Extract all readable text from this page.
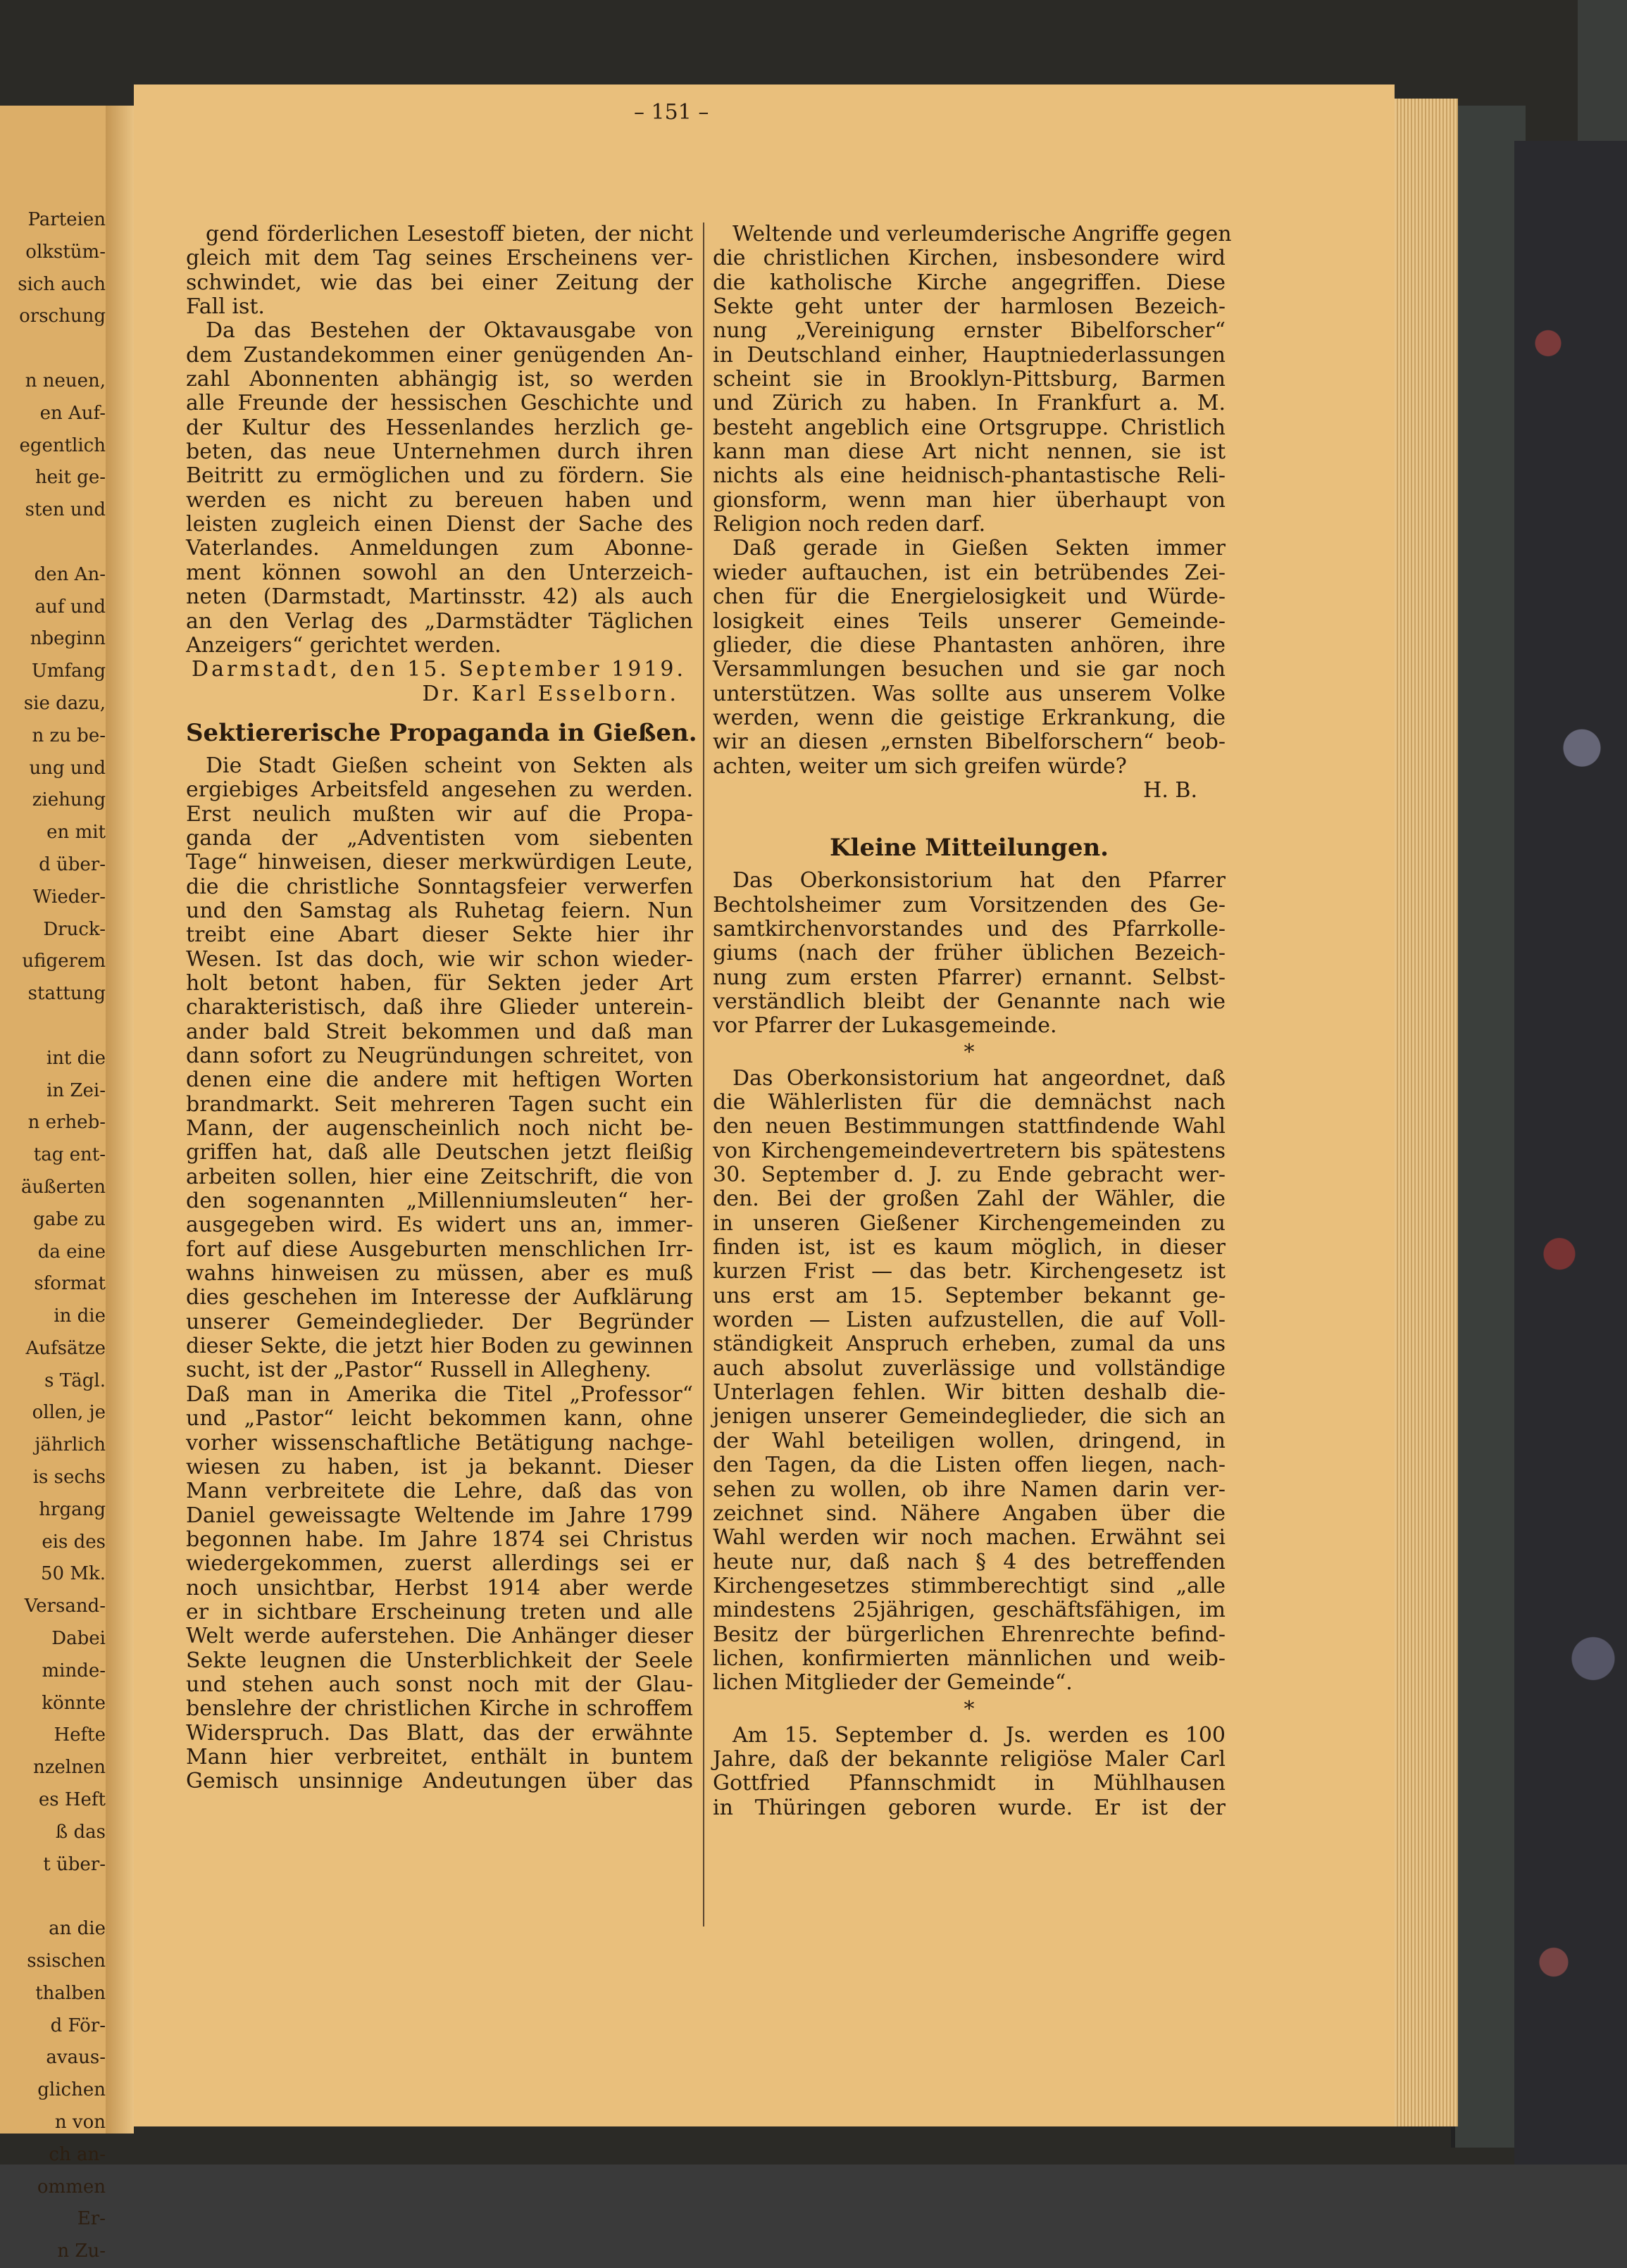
Parteien
olkstüm-
sich auch
orschung
n neuen,
en Auf-
egentlich
heit ge-
sten und
den An-
auf und
nbeginn
Umfang
sie dazu,
n zu be-
ung und
ziehung
en mit
d über-
Wieder-
Druck-
ufigerem
stattung
int die
in Zei-
n erheb-
tag ent-
äußerten
gabe zu
da eine
sformat
in die
Aufsätze
s Tägl.
ollen, je
jährlich
is sechs
hrgang
eis des
50 Mk.
Versand-
Dabei
minde-
könnte
Hefte
nzelnen
es Heft
ß das
t über-
an die
ssischen
thalben
d För-
avaus-
glichen
n von
ch an-
ommen
Er-
n Zu-
– 151 –
gend förderlichen Lesestoff bieten, der nicht
gleich mit dem Tag seines Erscheinens ver-
schwindet, wie das bei einer Zeitung der
Fall ist.
Da das Bestehen der Oktavausgabe von
dem Zustandekommen einer genügenden An-
zahl Abonnenten abhängig ist, so werden
alle Freunde der hessischen Geschichte und
der Kultur des Hessenlandes herzlich ge-
beten, das neue Unternehmen durch ihren
Beitritt zu ermöglichen und zu fördern. Sie
werden es nicht zu bereuen haben und
leisten zugleich einen Dienst der Sache des
Vaterlandes. Anmeldungen zum Abonne-
ment können sowohl an den Unterzeich-
neten (Darmstadt, Martinsstr. 42) als auch
an den Verlag des „Darmstädter Täglichen
Anzeigers“ gerichtet werden.
Darmstadt, den 15. September 1919.
Dr. Karl Esselborn.
Sektiererische Propaganda in Gießen.
Die Stadt Gießen scheint von Sekten als
ergiebiges Arbeitsfeld angesehen zu werden.
Erst neulich mußten wir auf die Propa-
ganda der „Adventisten vom siebenten
Tage“ hinweisen, dieser merkwürdigen Leute,
die die christliche Sonntagsfeier verwerfen
und den Samstag als Ruhetag feiern. Nun
treibt eine Abart dieser Sekte hier ihr
Wesen. Ist das doch, wie wir schon wieder-
holt betont haben, für Sekten jeder Art
charakteristisch, daß ihre Glieder unterein-
ander bald Streit bekommen und daß man
dann sofort zu Neugründungen schreitet, von
denen eine die andere mit heftigen Worten
brandmarkt. Seit mehreren Tagen sucht ein
Mann, der augenscheinlich noch nicht be-
griffen hat, daß alle Deutschen jetzt fleißig
arbeiten sollen, hier eine Zeitschrift, die von
den sogenannten „Millenniumsleuten“ her-
ausgegeben wird. Es widert uns an, immer-
fort auf diese Ausgeburten menschlichen Irr-
wahns hinweisen zu müssen, aber es muß
dies geschehen im Interesse der Aufklärung
unserer Gemeindeglieder. Der Begründer
dieser Sekte, die jetzt hier Boden zu gewinnen
sucht, ist der „Pastor“ Russell in Allegheny.
Daß man in Amerika die Titel „Professor“
und „Pastor“ leicht bekommen kann, ohne
vorher wissenschaftliche Betätigung nachge-
wiesen zu haben, ist ja bekannt. Dieser
Mann verbreitete die Lehre, daß das von
Daniel geweissagte Weltende im Jahre 1799
begonnen habe. Im Jahre 1874 sei Christus
wiedergekommen, zuerst allerdings sei er
noch unsichtbar, Herbst 1914 aber werde
er in sichtbare Erscheinung treten und alle
Welt werde auferstehen. Die Anhänger dieser
Sekte leugnen die Unsterblichkeit der Seele
und stehen auch sonst noch mit der Glau-
benslehre der christlichen Kirche in schroffem
Widerspruch. Das Blatt, das der erwähnte
Mann hier verbreitet, enthält in buntem
Gemisch unsinnige Andeutungen über das
Weltende und verleumderische Angriffe gegen
die christlichen Kirchen, insbesondere wird
die katholische Kirche angegriffen. Diese
Sekte geht unter der harmlosen Bezeich-
nung „Vereinigung ernster Bibelforscher“
in Deutschland einher, Hauptniederlassungen
scheint sie in Brooklyn-Pittsburg, Barmen
und Zürich zu haben. In Frankfurt a. M.
besteht angeblich eine Ortsgruppe. Christlich
kann man diese Art nicht nennen, sie ist
nichts als eine heidnisch-phantastische Reli-
gionsform, wenn man hier überhaupt von
Religion noch reden darf.
Daß gerade in Gießen Sekten immer
wieder auftauchen, ist ein betrübendes Zei-
chen für die Energielosigkeit und Würde-
losigkeit eines Teils unserer Gemeinde-
glieder, die diese Phantasten anhören, ihre
Versammlungen besuchen und sie gar noch
unterstützen. Was sollte aus unserem Volke
werden, wenn die geistige Erkrankung, die
wir an diesen „ernsten Bibelforschern“ beob-
achten, weiter um sich greifen würde?
H. B.
Kleine Mitteilungen.
Das Oberkonsistorium hat den Pfarrer
Bechtolsheimer zum Vorsitzenden des Ge-
samtkirchenvorstandes und des Pfarrkolle-
giums (nach der früher üblichen Bezeich-
nung zum ersten Pfarrer) ernannt. Selbst-
verständlich bleibt der Genannte nach wie
vor Pfarrer der Lukasgemeinde.
*
Das Oberkonsistorium hat angeordnet, daß
die Wählerlisten für die demnächst nach
den neuen Bestimmungen stattfindende Wahl
von Kirchengemeindevertretern bis spätestens
30. September d. J. zu Ende gebracht wer-
den. Bei der großen Zahl der Wähler, die
in unseren Gießener Kirchengemeinden zu
finden ist, ist es kaum möglich, in dieser
kurzen Frist — das betr. Kirchengesetz ist
uns erst am 15. September bekannt ge-
worden — Listen aufzustellen, die auf Voll-
ständigkeit Anspruch erheben, zumal da uns
auch absolut zuverlässige und vollständige
Unterlagen fehlen. Wir bitten deshalb die-
jenigen unserer Gemeindeglieder, die sich an
der Wahl beteiligen wollen, dringend, in
den Tagen, da die Listen offen liegen, nach-
sehen zu wollen, ob ihre Namen darin ver-
zeichnet sind. Nähere Angaben über die
Wahl werden wir noch machen. Erwähnt sei
heute nur, daß nach § 4 des betreffenden
Kirchengesetzes stimmberechtigt sind „alle
mindestens 25jährigen, geschäftsfähigen, im
Besitz der bürgerlichen Ehrenrechte befind-
lichen, konfirmierten männlichen und weib-
lichen Mitglieder der Gemeinde“.
*
Am 15. September d. Js. werden es 100
Jahre, daß der bekannte religiöse Maler Carl
Gottfried Pfannschmidt in Mühlhausen
in Thüringen geboren wurde. Er ist der
